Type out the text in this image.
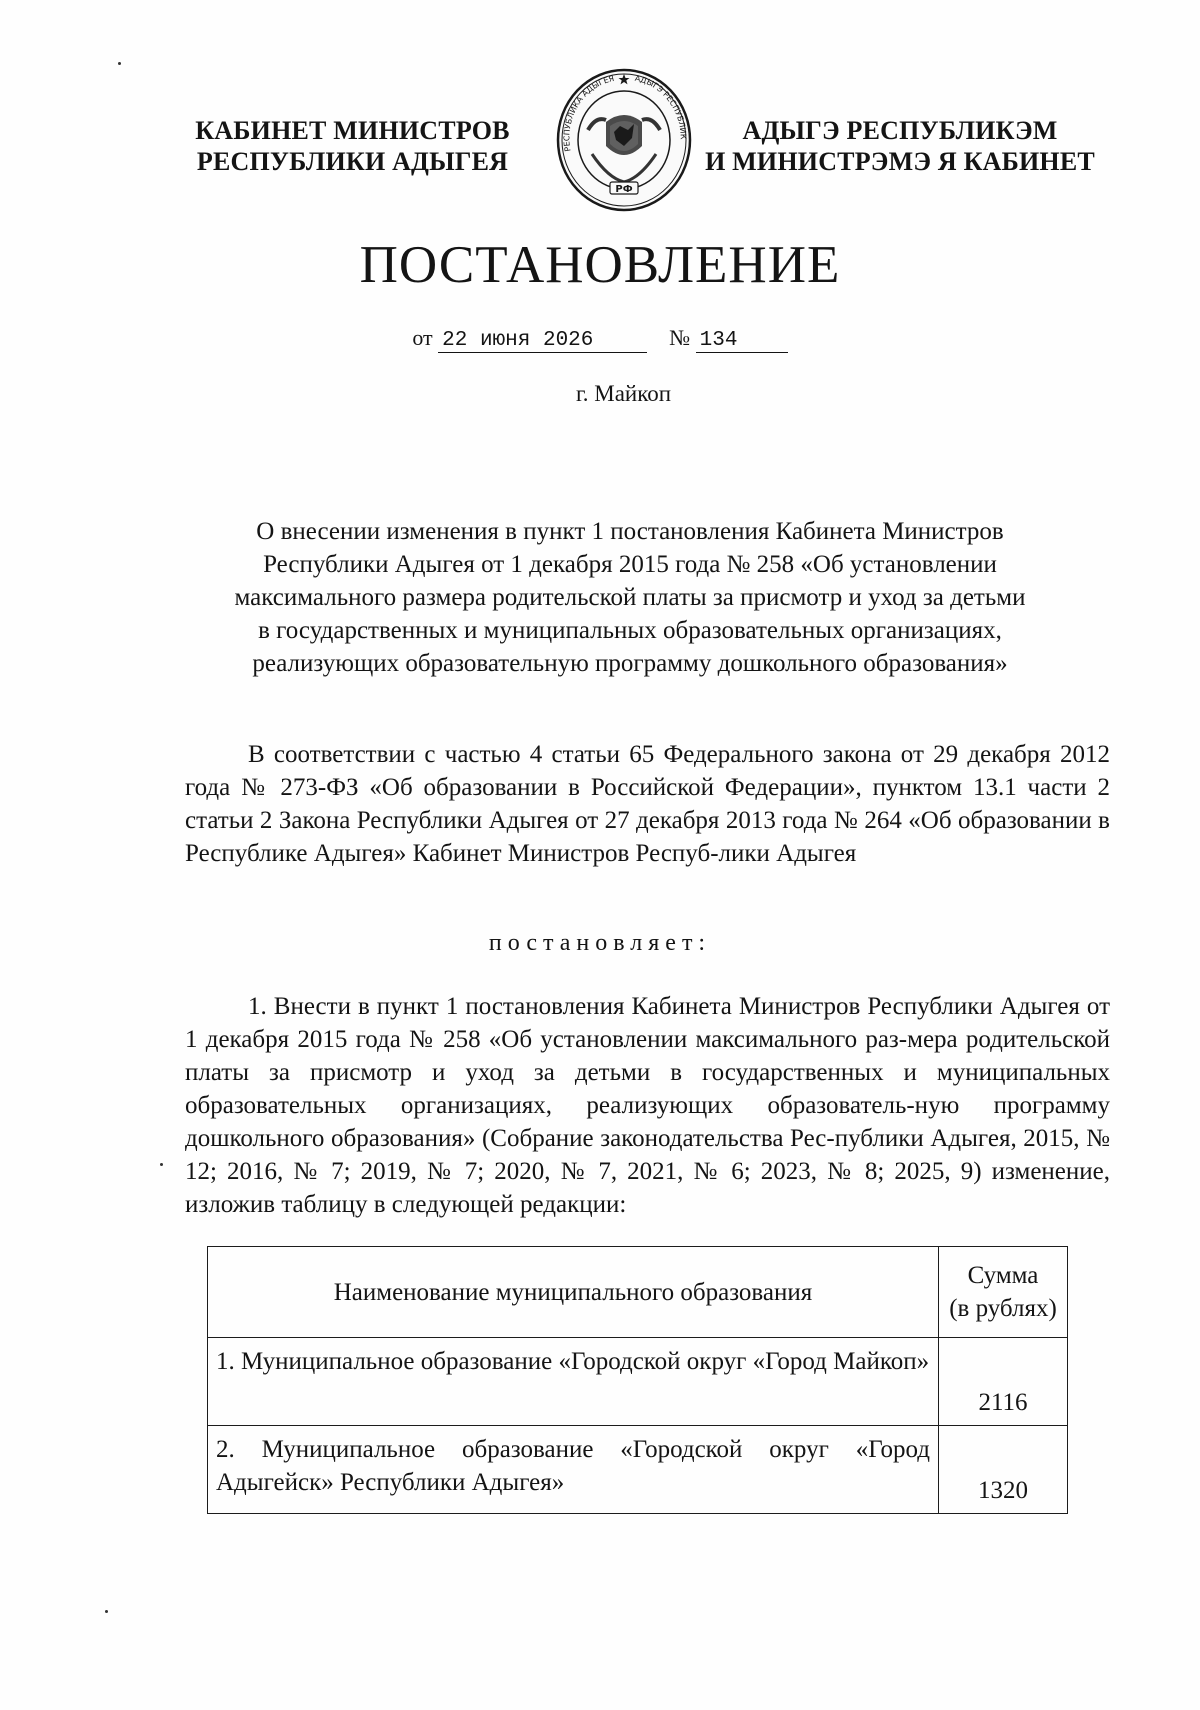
КАБИНЕТ МИНИСТРОВ
РЕСПУБЛИКИ АДЫГЕЯ
АДЫГЭ РЕСПУБЛИКЭМ
И МИНИСТРЭМЭ Я КАБИНЕТ
РЕСПУБЛИКА АДЫГЕЯ АДЫГЭ РЕСПУБЛИК
РФ
ПОСТАНОВЛЕНИЕ
от 22 июня 2026	№ 134
г. Майкоп
О внесении изменения в пункт 1 постановления Кабинета Министров
Республики Адыгея от 1 декабря 2015 года № 258 «Об установлении
максимального размера родительской платы за присмотр и уход за детьми
в государственных и муниципальных образовательных организациях,
реализующих образовательную программу дошкольного образования»
В соответствии с частью 4 статьи 65 Федерального закона от 29 декабря 2012 года № 273-ФЗ «Об образовании в Российской Федерации», пунктом 13.1 части 2 статьи 2 Закона Республики Адыгея от 27 декабря 2013 года № 264 «Об образовании в Республике Адыгея» Кабинет Министров Респуб-лики Адыгея
постановляет:
1. Внести в пункт 1 постановления Кабинета Министров Республики Адыгея от 1 декабря 2015 года № 258 «Об установлении максимального раз-мера родительской платы за присмотр и уход за детьми в государственных и муниципальных образовательных организациях, реализующих образователь-ную программу дошкольного образования» (Собрание законодательства Рес-публики Адыгея, 2015, № 12; 2016, № 7; 2019, № 7; 2020, № 7, 2021, № 6; 2023, № 8; 2025, 9) изменение, изложив таблицу в следующей редакции:
Наименование муниципального образования	Сумма
(в рублях)

1. Муниципальное образование «Городской округ «Город Майкоп»	2116
2. Муниципальное образование «Городской округ «Город Адыгейск» Республики Адыгея»	1320
